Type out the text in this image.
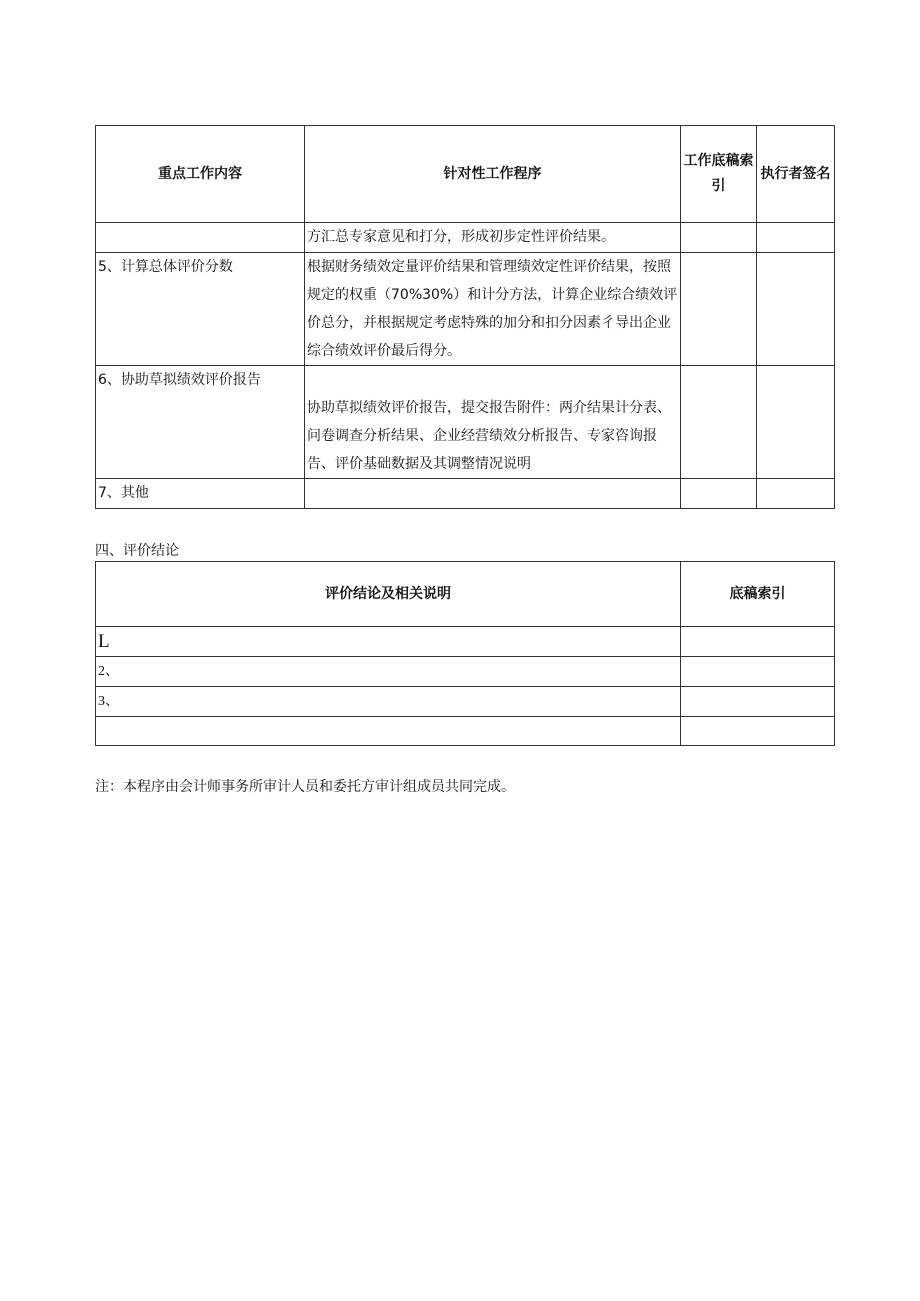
重点工作内容	针对性工作程序	工作底稿索引	执行者签名
	方汇总专家意见和打分，形成初步定性评价结果。		
5、计算总体评价分数	根据财务绩效定量评价结果和管理绩效定性评价结果，按照规定的权重（70%30%）和计分方法，计算企业综合绩效评价总分，并根据规定考虑特殊的加分和扣分因素彳导出企业综合绩效评价最后得分。		
6、协助草拟绩效评价报告	协助草拟绩效评价报告，提交报告附件：两介结果计分表、问卷调查分析结果、企业经营绩效分析报告、专家咨询报告、评价基础数据及其调整情况说明		
7、其他			
四、评价结论
评价结论及相关说明	底稿索引
L	
2、	
3、	

注：本程序由会计师事务所审计人员和委托方审计组成员共同完成。
